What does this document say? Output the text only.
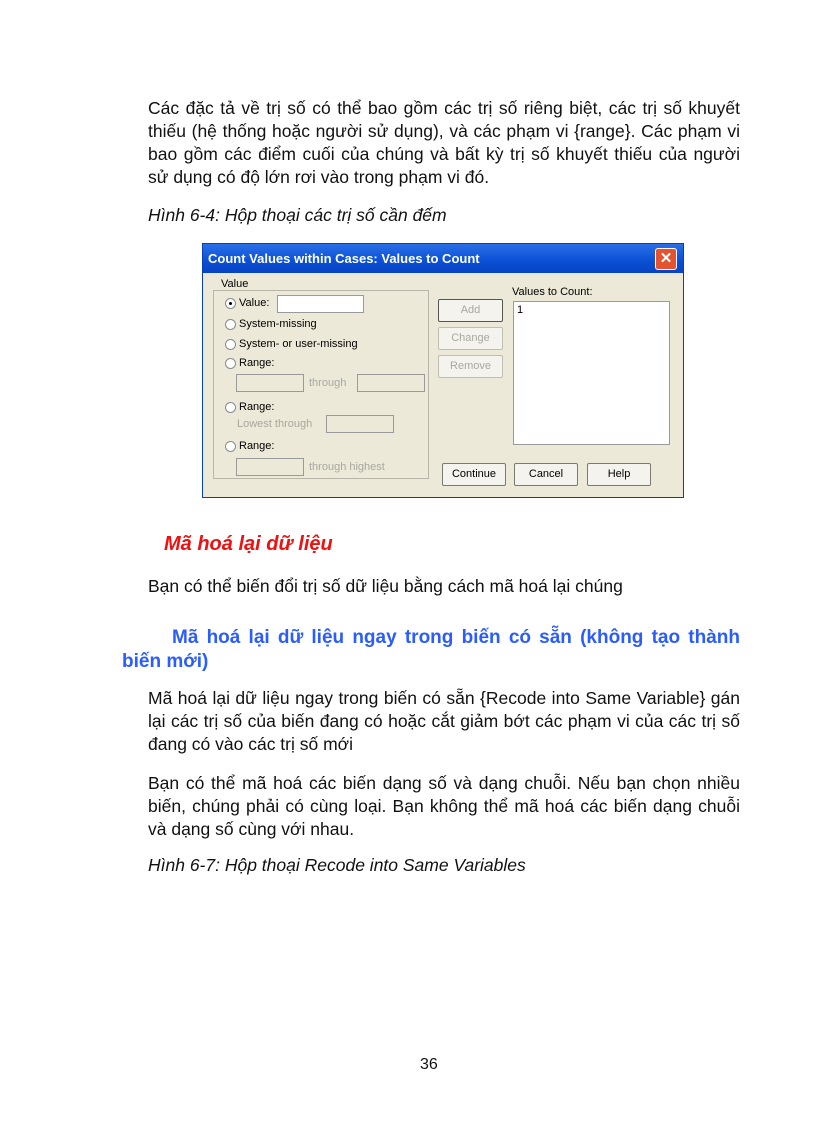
Các đặc tả về trị số có thể bao gồm các trị số riêng biệt, các trị số khuyết thiếu (hệ thống hoặc người sử dụng), và các phạm vi {range}. Các phạm vi bao gồm các điểm cuối của chúng và bất kỳ trị số khuyết thiếu của người sử dụng có độ lớn rơi vào trong phạm vi đó.
Hình 6-4: Hộp thoại các trị số cần đếm
Count Values within Cases: Values to Count	✕
Value
Value:
System-missing
System- or user-missing
Range:
through
Range:
Lowest through
Range:
through highest
Add
Change
Remove
Values to Count:
1
Continue	Cancel	Help
Mã hoá lại dữ liệu
Bạn có thể biến đổi trị số dữ liệu bằng cách mã hoá lại chúng
Mã hoá lại dữ liệu ngay trong biến có sẵn (không tạo thành biến mới)
Mã hoá lại dữ liệu ngay trong biến có sẵn {Recode into Same Variable} gán lại các trị số của biến đang có hoặc cắt giảm bớt các phạm vi của các trị số đang có vào các trị số mới
Bạn có thể mã hoá các biến dạng số và dạng chuỗi. Nếu bạn chọn nhiều biến, chúng phải có cùng loại. Bạn không thể mã hoá các biến dạng chuỗi và dạng số cùng với nhau.
Hình 6-7: Hộp thoại Recode into Same Variables
36
